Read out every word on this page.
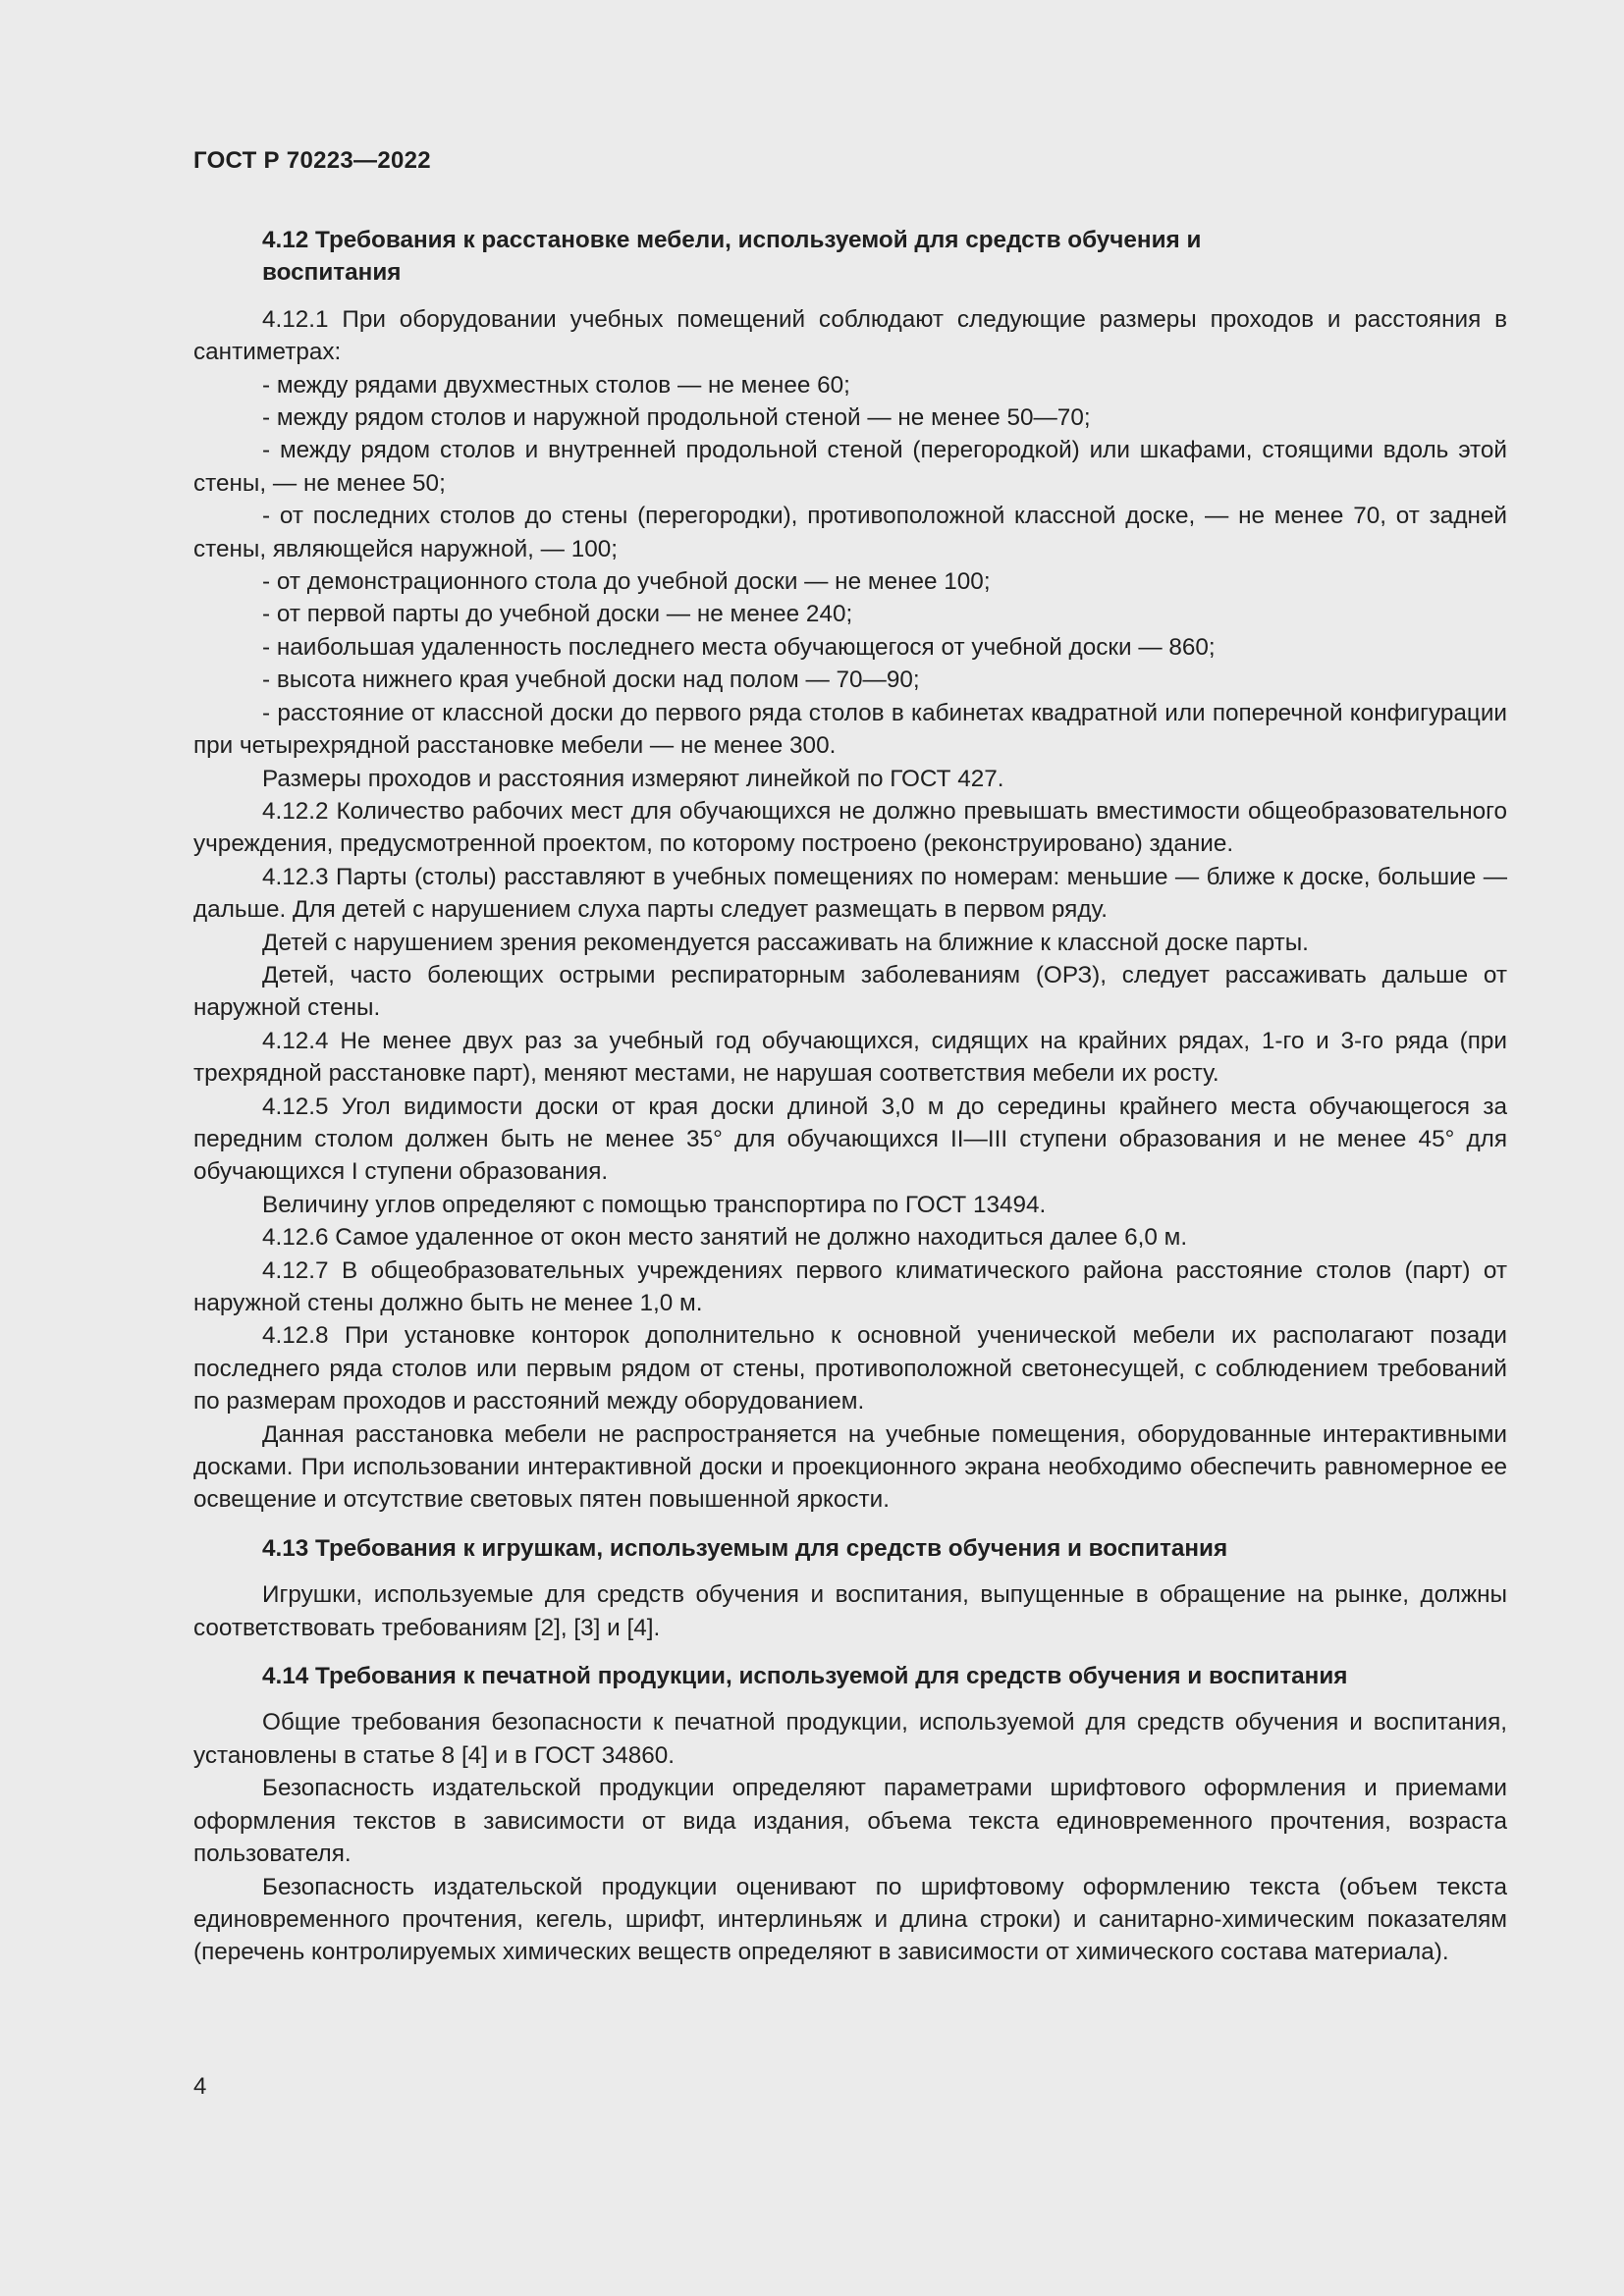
ГОСТ Р 70223—2022
4.12 Требования к расстановке мебели, используемой для средств обучения и воспитания

4.12.1 При оборудовании учебных помещений соблюдают следующие размеры проходов и расстояния в сантиметрах:

- между рядами двухместных столов — не менее 60;

- между рядом столов и наружной продольной стеной — не менее 50—70;

- между рядом столов и внутренней продольной стеной (перегородкой) или шкафами, стоящими вдоль этой стены, — не менее 50;

- от последних столов до стены (перегородки), противоположной классной доске, — не менее 70, от задней стены, являющейся наружной, — 100;

- от демонстрационного стола до учебной доски — не менее 100;

- от первой парты до учебной доски — не менее 240;

- наибольшая удаленность последнего места обучающегося от учебной доски — 860;

- высота нижнего края учебной доски над полом — 70—90;

- расстояние от классной доски до первого ряда столов в кабинетах квадратной или поперечной конфигурации при четырехрядной расстановке мебели — не менее 300.

Размеры проходов и расстояния измеряют линейкой по ГОСТ 427.

4.12.2 Количество рабочих мест для обучающихся не должно превышать вместимости общеобразовательного учреждения, предусмотренной проектом, по которому построено (реконструировано) здание.

4.12.3 Парты (столы) расставляют в учебных помещениях по номерам: меньшие — ближе к доске, большие — дальше. Для детей с нарушением слуха парты следует размещать в первом ряду.

Детей с нарушением зрения рекомендуется рассаживать на ближние к классной доске парты.

Детей, часто болеющих острыми респираторным заболеваниям (ОРЗ), следует рассаживать дальше от наружной стены.

4.12.4 Не менее двух раз за учебный год обучающихся, сидящих на крайних рядах, 1-го и 3-го ряда (при трехрядной расстановке парт), меняют местами, не нарушая соответствия мебели их росту.

4.12.5 Угол видимости доски от края доски длиной 3,0 м до середины крайнего места обучающегося за передним столом должен быть не менее 35° для обучающихся II—III ступени образования и не менее 45° для обучающихся I ступени образования.

Величину углов определяют с помощью транспортира по ГОСТ 13494.

4.12.6 Самое удаленное от окон место занятий не должно находиться далее 6,0 м.

4.12.7 В общеобразовательных учреждениях первого климатического района расстояние столов (парт) от наружной стены должно быть не менее 1,0 м.

4.12.8 При установке конторок дополнительно к основной ученической мебели их располагают позади последнего ряда столов или первым рядом от стены, противоположной светонесущей, с соблюдением требований по размерам проходов и расстояний между оборудованием.

Данная расстановка мебели не распространяется на учебные помещения, оборудованные интерактивными досками. При использовании интерактивной доски и проекционного экрана необходимо обеспечить равномерное ее освещение и отсутствие световых пятен повышенной яркости.

4.13 Требования к игрушкам, используемым для средств обучения и воспитания

Игрушки, используемые для средств обучения и воспитания, выпущенные в обращение на рынке, должны соответствовать требованиям [2], [3] и [4].

4.14 Требования к печатной продукции, используемой для средств обучения и воспитания

Общие требования безопасности к печатной продукции, используемой для средств обучения и воспитания, установлены в статье 8 [4] и в ГОСТ 34860.

Безопасность издательской продукции определяют параметрами шрифтового оформления и приемами оформления текстов в зависимости от вида издания, объема текста единовременного прочтения, возраста пользователя.

Безопасность издательской продукции оценивают по шрифтовому оформлению текста (объем текста единовременного прочтения, кегель, шрифт, интерлиньяж и длина строки) и санитарно-химическим показателям (перечень контролируемых химических веществ определяют в зависимости от химического состава материала).

4
